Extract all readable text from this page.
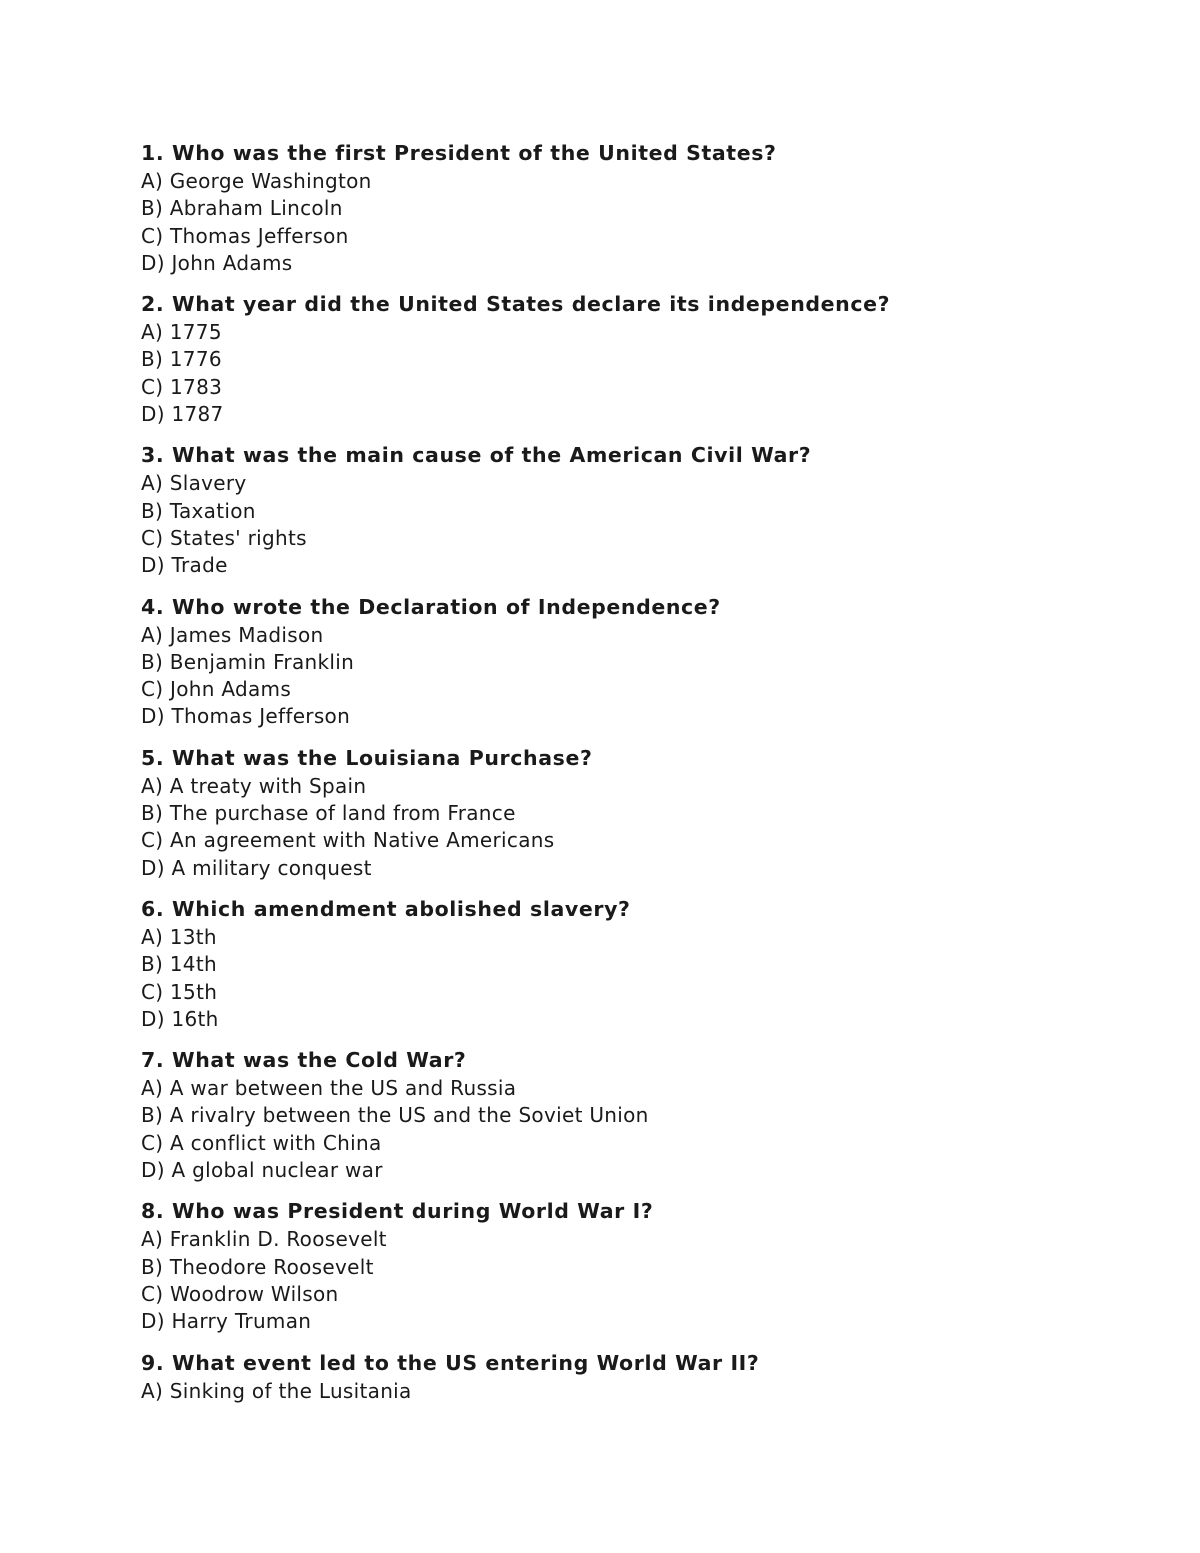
1. Who was the first President of the United States?
A) George Washington
B) Abraham Lincoln
C) Thomas Jefferson
D) John Adams
2. What year did the United States declare its independence?
A) 1775
B) 1776
C) 1783
D) 1787
3. What was the main cause of the American Civil War?
A) Slavery
B) Taxation
C) States' rights
D) Trade
4. Who wrote the Declaration of Independence?
A) James Madison
B) Benjamin Franklin
C) John Adams
D) Thomas Jefferson
5. What was the Louisiana Purchase?
A) A treaty with Spain
B) The purchase of land from France
C) An agreement with Native Americans
D) A military conquest
6. Which amendment abolished slavery?
A) 13th
B) 14th
C) 15th
D) 16th
7. What was the Cold War?
A) A war between the US and Russia
B) A rivalry between the US and the Soviet Union
C) A conflict with China
D) A global nuclear war
8. Who was President during World War I?
A) Franklin D. Roosevelt
B) Theodore Roosevelt
C) Woodrow Wilson
D) Harry Truman
9. What event led to the US entering World War II?
A) Sinking of the Lusitania
